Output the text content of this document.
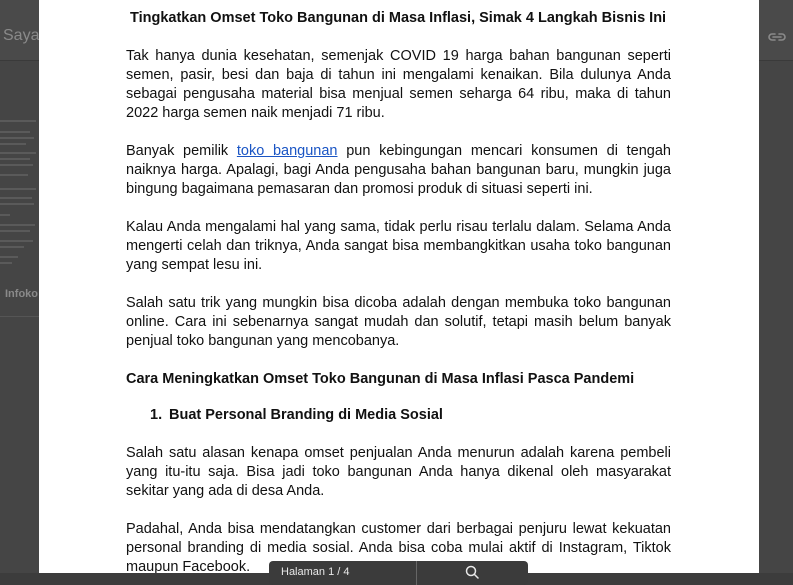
Saya
Infoko
Tingkatkan Omset Toko Bangunan di Masa Inflasi, Simak 4 Langkah Bisnis Ini

Tak hanya dunia kesehatan, semenjak COVID 19 harga bahan bangunan seperti semen, pasir, besi dan baja di tahun ini mengalami kenaikan. Bila dulunya Anda sebagai pengusaha material bisa menjual semen seharga 64 ribu, maka di tahun 2022 harga semen naik menjadi 71 ribu.

Banyak pemilik toko bangunan pun kebingungan mencari konsumen di tengah naiknya harga. Apalagi, bagi Anda pengusaha bahan bangunan baru, mungkin juga bingung bagaimana pemasaran dan promosi produk di situasi seperti ini.

Kalau Anda mengalami hal yang sama, tidak perlu risau terlalu dalam. Selama Anda mengerti celah dan triknya, Anda sangat bisa membangkitkan usaha toko bangunan yang sempat lesu ini.

Salah satu trik yang mungkin bisa dicoba adalah dengan membuka toko bangunan online. Cara ini sebenarnya sangat mudah dan solutif, tetapi masih belum banyak penjual toko bangunan yang mencobanya.

Cara Meningkatkan Omset Toko Bangunan di Masa Inflasi Pasca Pandemi
1. Buat Personal Branding di Media Sosial

Salah satu alasan kenapa omset penjualan Anda menurun adalah karena pembeli yang itu-itu saja. Bisa jadi toko bangunan Anda hanya dikenal oleh masyarakat sekitar yang ada di desa Anda.

Padahal, Anda bisa mendatangkan customer dari berbagai penjuru lewat kekuatan personal branding di media sosial. Anda bisa coba mulai aktif di Instagram, Tiktok maupun Facebook.	Halaman 1 / 4
